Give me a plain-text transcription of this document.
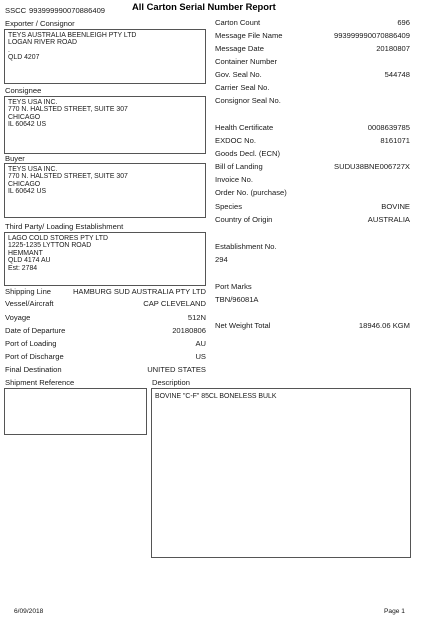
SSCC 993999990070886409	All Carton Serial Number Report
Exporter / Consignor
TEYS AUSTRALIA BEENLEIGH PTY LTD
LOGAN RIVER ROAD
.
QLD 4207
Consignee
TEYS USA INC.
770 N. HALSTED STREET, SUITE 307
CHICAGO
IL 60642 US
Buyer
TEYS USA INC.
770 N. HALSTED STREET, SUITE 307
CHICAGO
IL 60642 US
Third Party/ Loading Establishment
LAGO COLD STORES PTY LTD
1225-1235 LYTTON ROAD
HEMMANT
QLD 4174 AU
Est: 2784
Shipping Line	HAMBURG SUD AUSTRALIA PTY LTD
Vessel/Aircraft	CAP CLEVELAND
Voyage	512N
Date of Departure	20180806
Port of Loading	AU
Port of Discharge	US
Final Destination	UNITED STATES
Shipment Reference
Carton Count	696
Message File Name	993999990070886409
Message Date	20180807
Container Number
Gov. Seal No.	544748
Carrier Seal No.
Consignor Seal No.
Health Certificate	0008639785
EXDOC No.	8161071
Goods Decl. (ECN)
Bill of Landing	SUDU38BNE006727X
Invoice No.
Order No. (purchase)
Species	BOVINE
Country of Origin	AUSTRALIA
Establishment No.
294
Port Marks
TBN/96081A
Net Weight Total	18946.06 KGM
Description
BOVINE "C-F" 85CL BONELESS BULK
6/09/2018	Page 1
